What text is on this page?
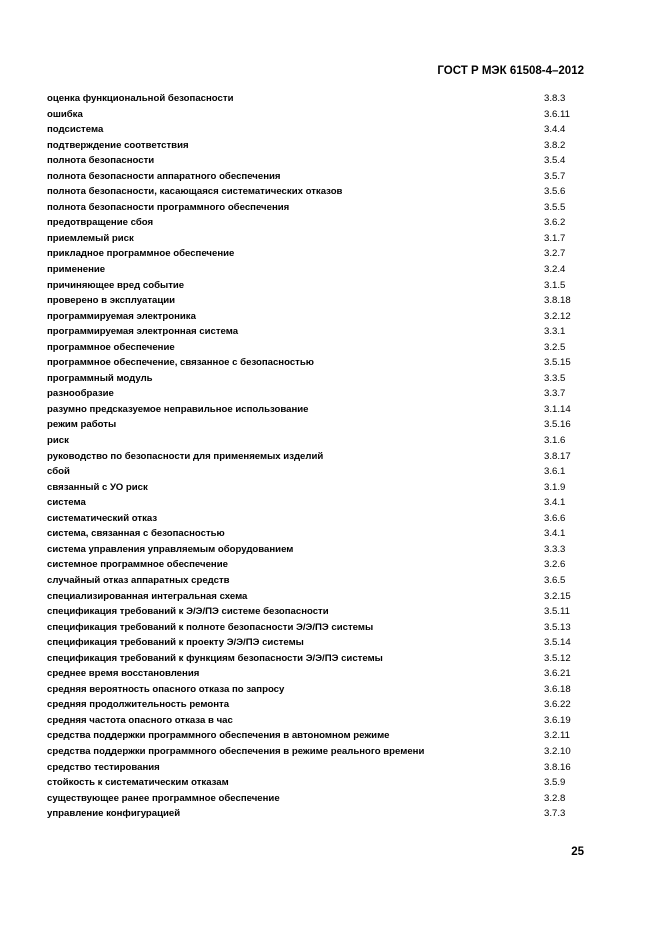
ГОСТ Р МЭК 61508-4–2012
оценка функциональной безопасности	3.8.3
ошибка	3.6.11
подсистема	3.4.4
подтверждение соответствия	3.8.2
полнота безопасности	3.5.4
полнота безопасности аппаратного обеспечения	3.5.7
полнота безопасности, касающаяся систематических отказов	3.5.6
полнота безопасности программного обеспечения	3.5.5
предотвращение сбоя	3.6.2
приемлемый риск	3.1.7
прикладное программное обеспечение	3.2.7
применение	3.2.4
причиняющее вред событие	3.1.5
проверено в эксплуатации	3.8.18
программируемая электроника	3.2.12
программируемая электронная система	3.3.1
программное обеспечение	3.2.5
программное обеспечение, связанное с безопасностью	3.5.15
программный модуль	3.3.5
разнообразие	3.3.7
разумно предсказуемое неправильное использование	3.1.14
режим работы	3.5.16
риск	3.1.6
руководство по безопасности для применяемых изделий	3.8.17
сбой	3.6.1
связанный с УО риск	3.1.9
система	3.4.1
систематический отказ	3.6.6
система, связанная с безопасностью	3.4.1
система управления управляемым оборудованием	3.3.3
системное программное обеспечение	3.2.6
случайный отказ аппаратных средств	3.6.5
специализированная интегральная схема	3.2.15
спецификация требований к Э/Э/ПЭ системе безопасности	3.5.11
спецификация требований к полноте безопасности Э/Э/ПЭ системы	3.5.13
спецификация требований к проекту Э/Э/ПЭ системы	3.5.14
спецификация требований к функциям безопасности Э/Э/ПЭ системы	3.5.12
среднее время восстановления	3.6.21
средняя вероятность опасного отказа по запросу	3.6.18
средняя продолжительность ремонта	3.6.22
средняя частота опасного отказа в час	3.6.19
средства поддержки программного обеспечения в автономном режиме	3.2.11
средства поддержки программного обеспечения в режиме реального времени	3.2.10
средство тестирования	3.8.16
стойкость к систематическим отказам	3.5.9
существующее ранее программное обеспечение	3.2.8
управление конфигурацией	3.7.3
25
